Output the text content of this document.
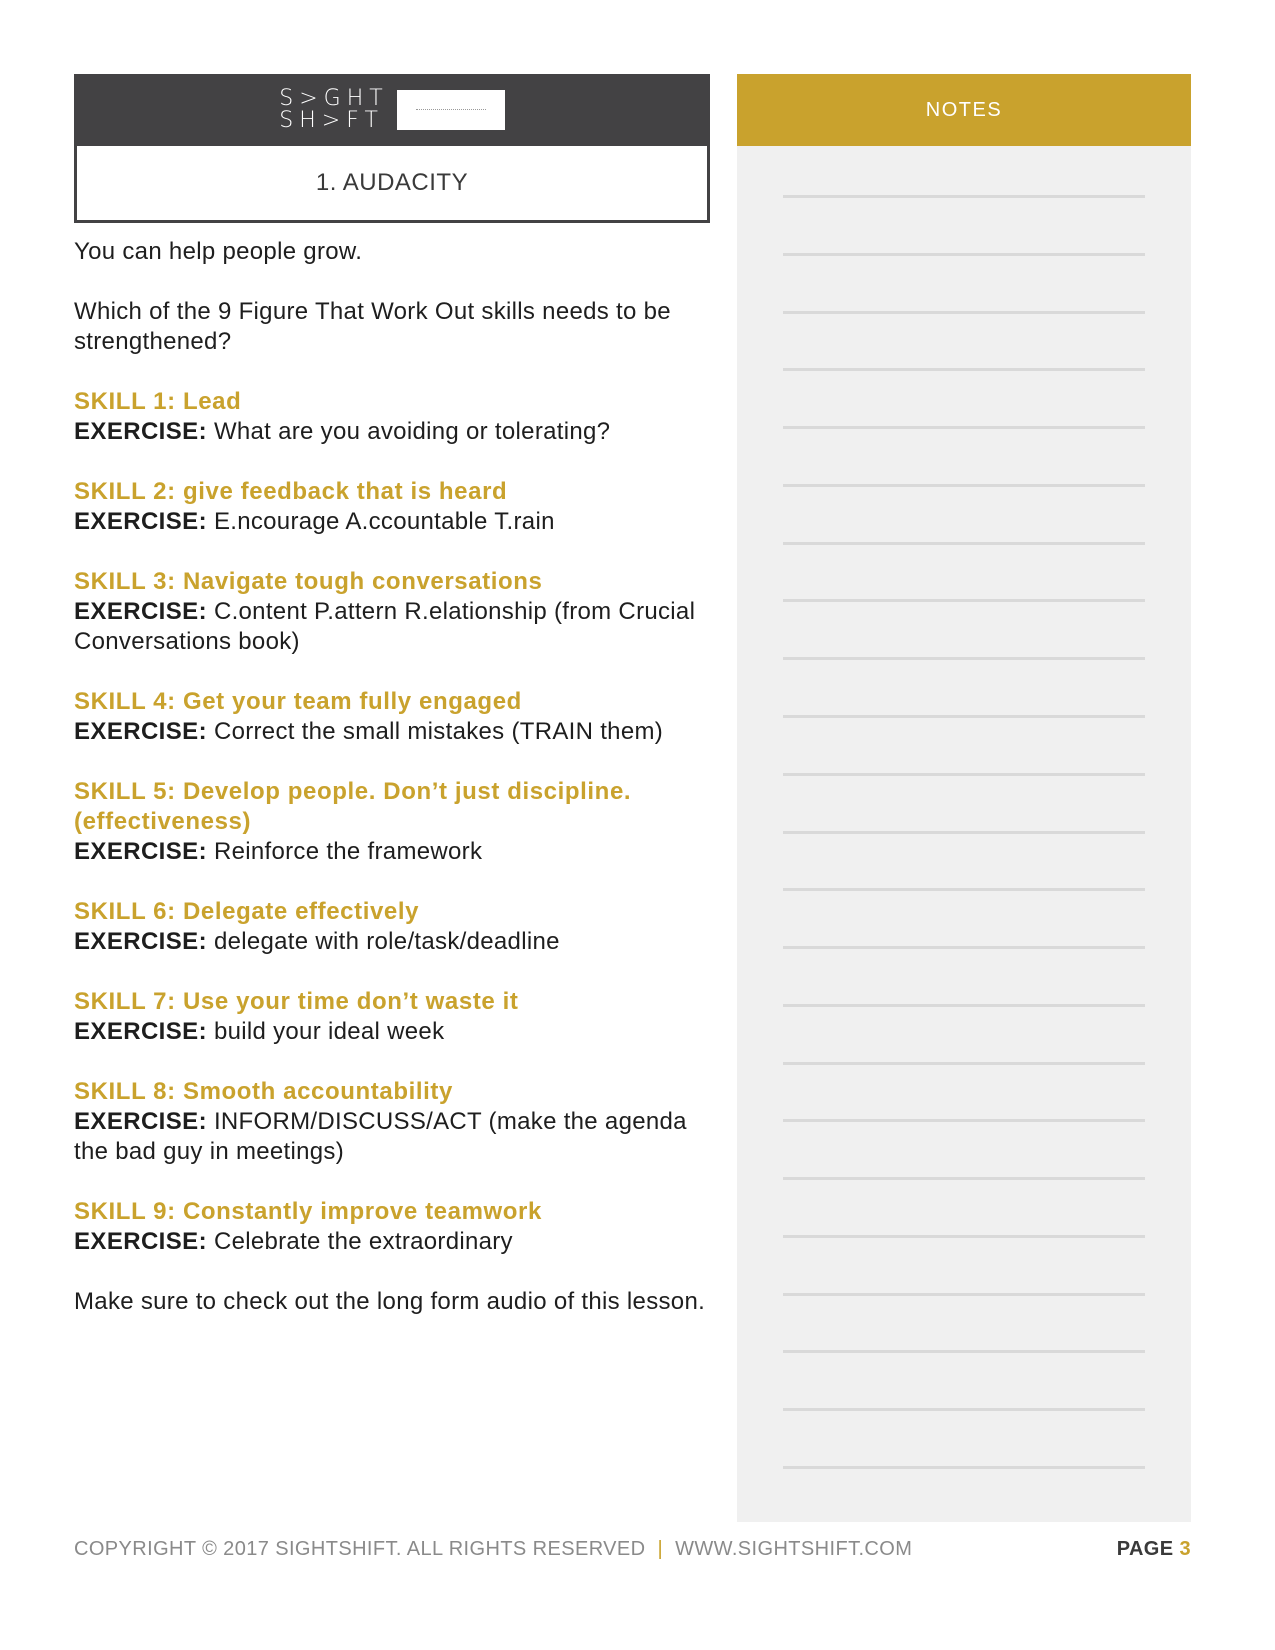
S>GHT
SH>FT
1. AUDACITY

You can help people grow.

Which of the 9 Figure That Work Out skills needs to be strengthened?

SKILL 1: Lead
EXERCISE: What are you avoiding or tolerating?
SKILL 2: give feedback that is heard
EXERCISE: E.ncourage A.ccountable T.rain
SKILL 3: Navigate tough conversations
EXERCISE: C.ontent P.attern R.elationship (from Crucial Conversations book)
SKILL 4: Get your team fully engaged
EXERCISE: Correct the small mistakes (TRAIN them)
SKILL 5: Develop people. Don’t just discipline. (effectiveness)
EXERCISE: Reinforce the framework
SKILL 6: Delegate effectively
EXERCISE: delegate with role/task/deadline
SKILL 7: Use your time don’t waste it
EXERCISE: build your ideal week
SKILL 8: Smooth accountability
EXERCISE: INFORM/DISCUSS/ACT (make the agenda the bad guy in meetings)
SKILL 9: Constantly improve teamwork
EXERCISE: Celebrate the extraordinary

Make sure to check out the long form audio of this lesson.

NOTES
COPYRIGHT © 2017 SIGHTSHIFT. ALL RIGHTS RESERVED | WWW.SIGHTSHIFT.COM	PAGE 3
